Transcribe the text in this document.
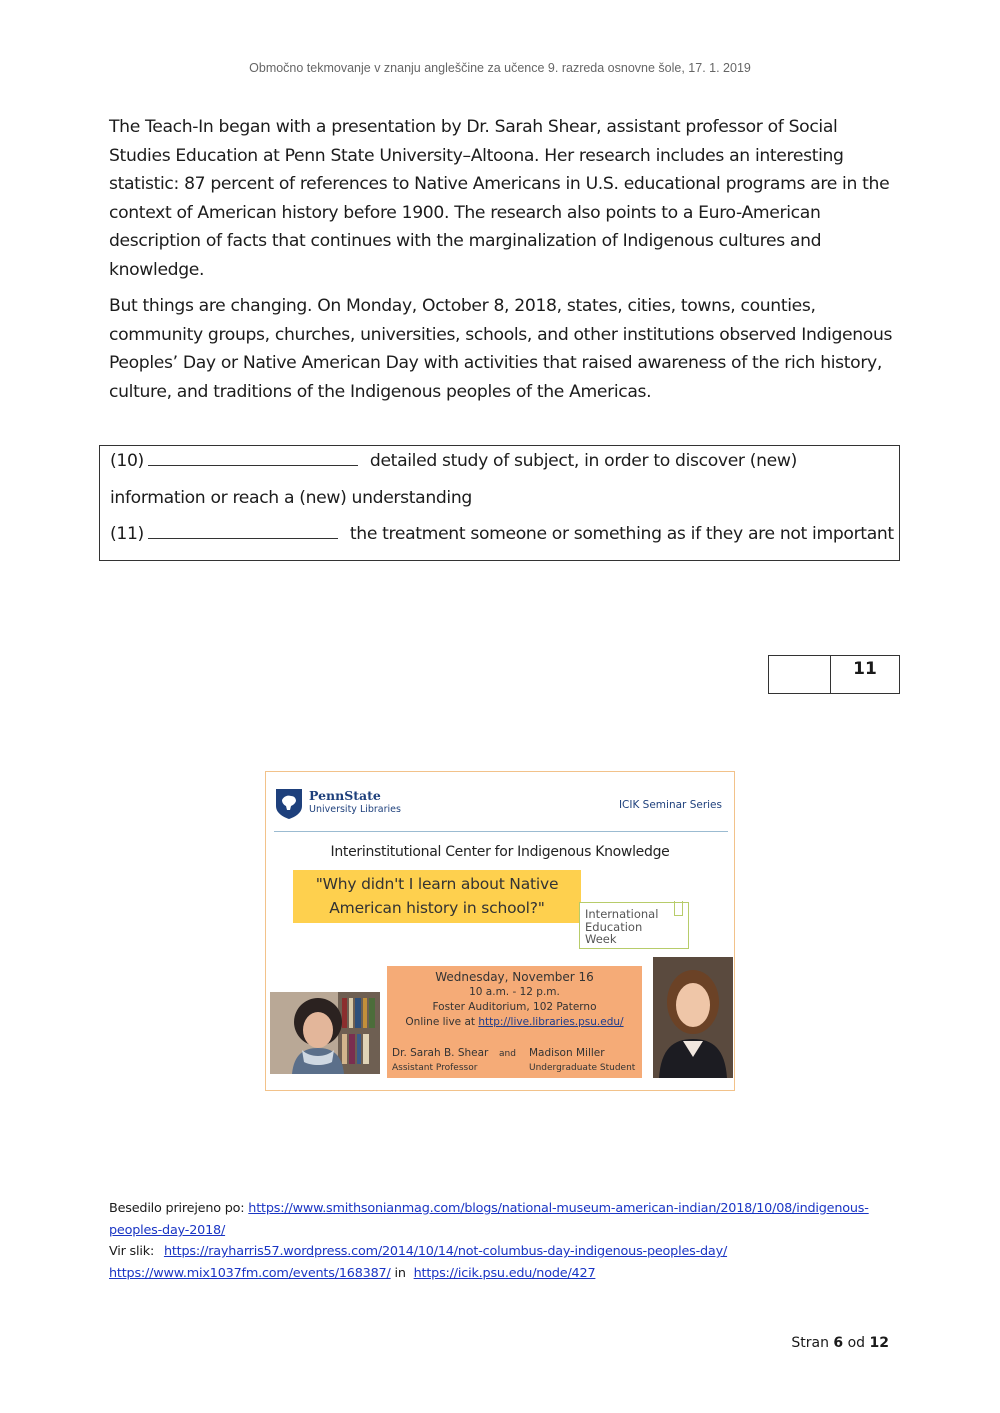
Območno tekmovanje v znanju angleščine za učence 9. razreda osnovne šole, 17. 1. 2019
The Teach-In began with a presentation by Dr. Sarah Shear, assistant professor of Social
Studies Education at Penn State University–Altoona. Her research includes an interesting
statistic: 87 percent of references to Native Americans in U.S. educational programs are in the
context of American history before 1900. The research also points to a Euro-American
description of facts that continues with the marginalization of Indigenous cultures and
knowledge.
But things are changing. On Monday, October 8, 2018, states, cities, towns, counties,
community groups, churches, universities, schools, and other institutions observed Indigenous
Peoples’ Day or Native American Day with activities that raised awareness of the rich history,
culture, and traditions of the Indigenous peoples of the Americas.
(10)	detailed study of subject, in order to discover (new)
information or reach a (new) understanding
(11)	the treatment someone or something as if they are not important
11
PennState
University Libraries	ICIK Seminar Series
Interinstitutional Center for Indigenous Knowledge
"Why didn't I learn about Native
American history in school?"	International
Education
Week
Wednesday, November 16
10 a.m. - 12 p.m.
Foster Auditorium, 102 Paterno
Online live at http://live.libraries.psu.edu/
Dr. Sarah B. Shear and Madison Miller
Assistant Professor	Undergraduate Student
Besedilo prirejeno po: https://www.smithsonianmag.com/blogs/national-museum-american-indian/2018/10/08/indigenous-
peoples-day-2018/
Vir slik: https://rayharris57.wordpress.com/2014/10/14/not-columbus-day-indigenous-peoples-day/
https://www.mix1037fm.com/events/168387/ in https://icik.psu.edu/node/427
Stran 6 od 12
